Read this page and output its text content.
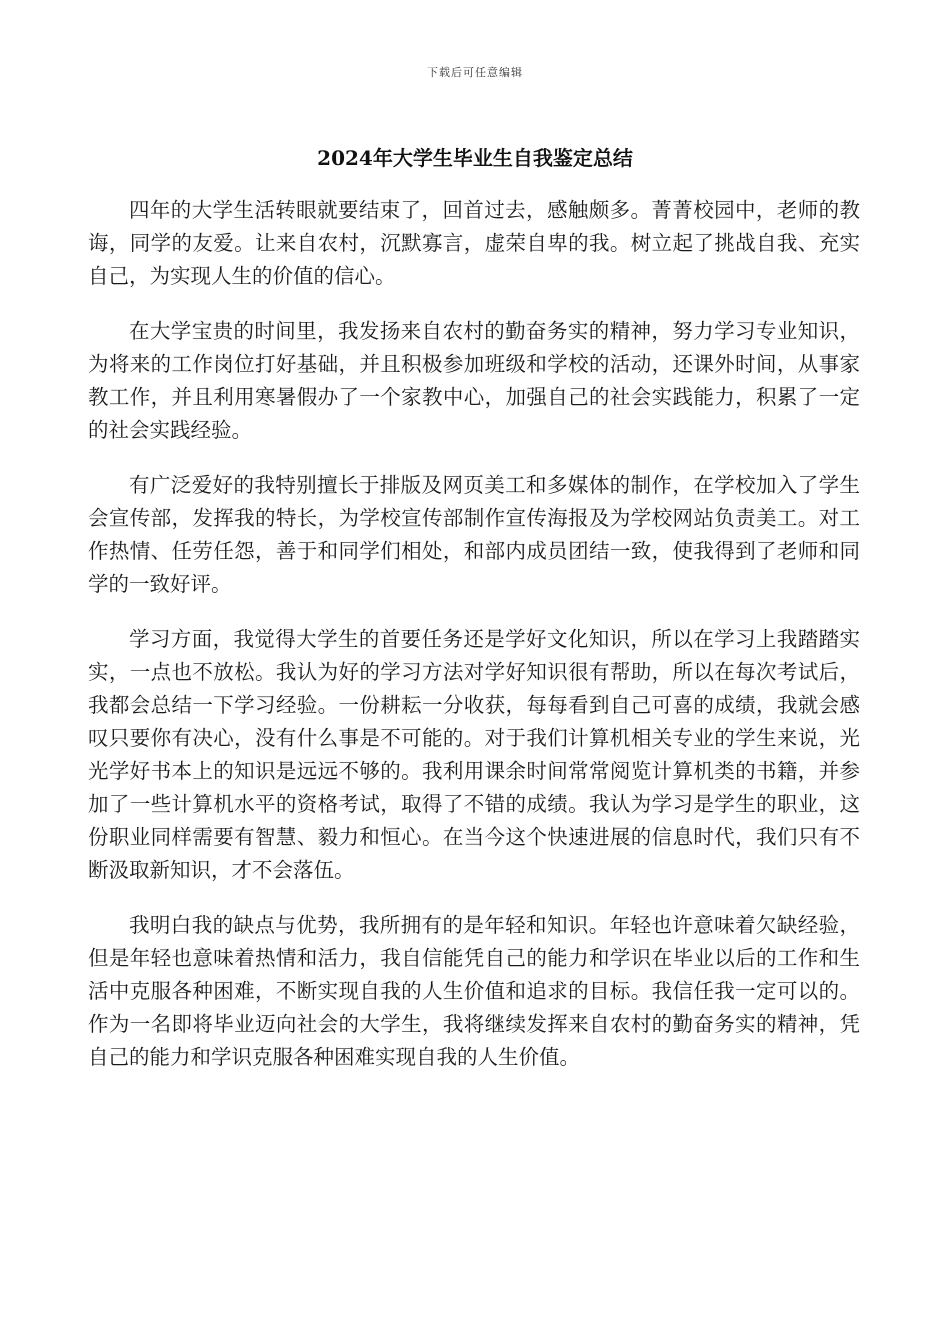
下载后可任意编辑
2024年大学生毕业生自我鉴定总结

四年的大学生活转眼就要结束了，回首过去，感触颇多。菁菁校园中，老师的教诲，同学的友爱。让来自农村，沉默寡言，虚荣自卑的我。树立起了挑战自我、充实自己，为实现人生的价值的信心。

在大学宝贵的时间里，我发扬来自农村的勤奋务实的精神，努力学习专业知识，为将来的工作岗位打好基础，并且积极参加班级和学校的活动，还课外时间，从事家教工作，并且利用寒暑假办了一个家教中心，加强自己的社会实践能力，积累了一定的社会实践经验。

有广泛爱好的我特别擅长于排版及网页美工和多媒体的制作，在学校加入了学生会宣传部，发挥我的特长，为学校宣传部制作宣传海报及为学校网站负责美工。对工作热情、任劳任怨，善于和同学们相处，和部内成员团结一致，使我得到了老师和同学的一致好评。

学习方面，我觉得大学生的首要任务还是学好文化知识，所以在学习上我踏踏实实，一点也不放松。我认为好的学习方法对学好知识很有帮助，所以在每次考试后，我都会总结一下学习经验。一份耕耘一分收获，每每看到自己可喜的成绩，我就会感叹只要你有决心，没有什么事是不可能的。对于我们计算机相关专业的学生来说，光光学好书本上的知识是远远不够的。我利用课余时间常常阅览计算机类的书籍，并参加了一些计算机水平的资格考试，取得了不错的成绩。我认为学习是学生的职业，这份职业同样需要有智慧、毅力和恒心。在当今这个快速进展的信息时代，我们只有不断汲取新知识，才不会落伍。

我明白我的缺点与优势，我所拥有的是年轻和知识。年轻也许意味着欠缺经验，但是年轻也意味着热情和活力，我自信能凭自己的能力和学识在毕业以后的工作和生活中克服各种困难，不断实现自我的人生价值和追求的目标。我信任我一定可以的。作为一名即将毕业迈向社会的大学生，我将继续发挥来自农村的勤奋务实的精神，凭自己的能力和学识克服各种困难实现自我的人生价值。
